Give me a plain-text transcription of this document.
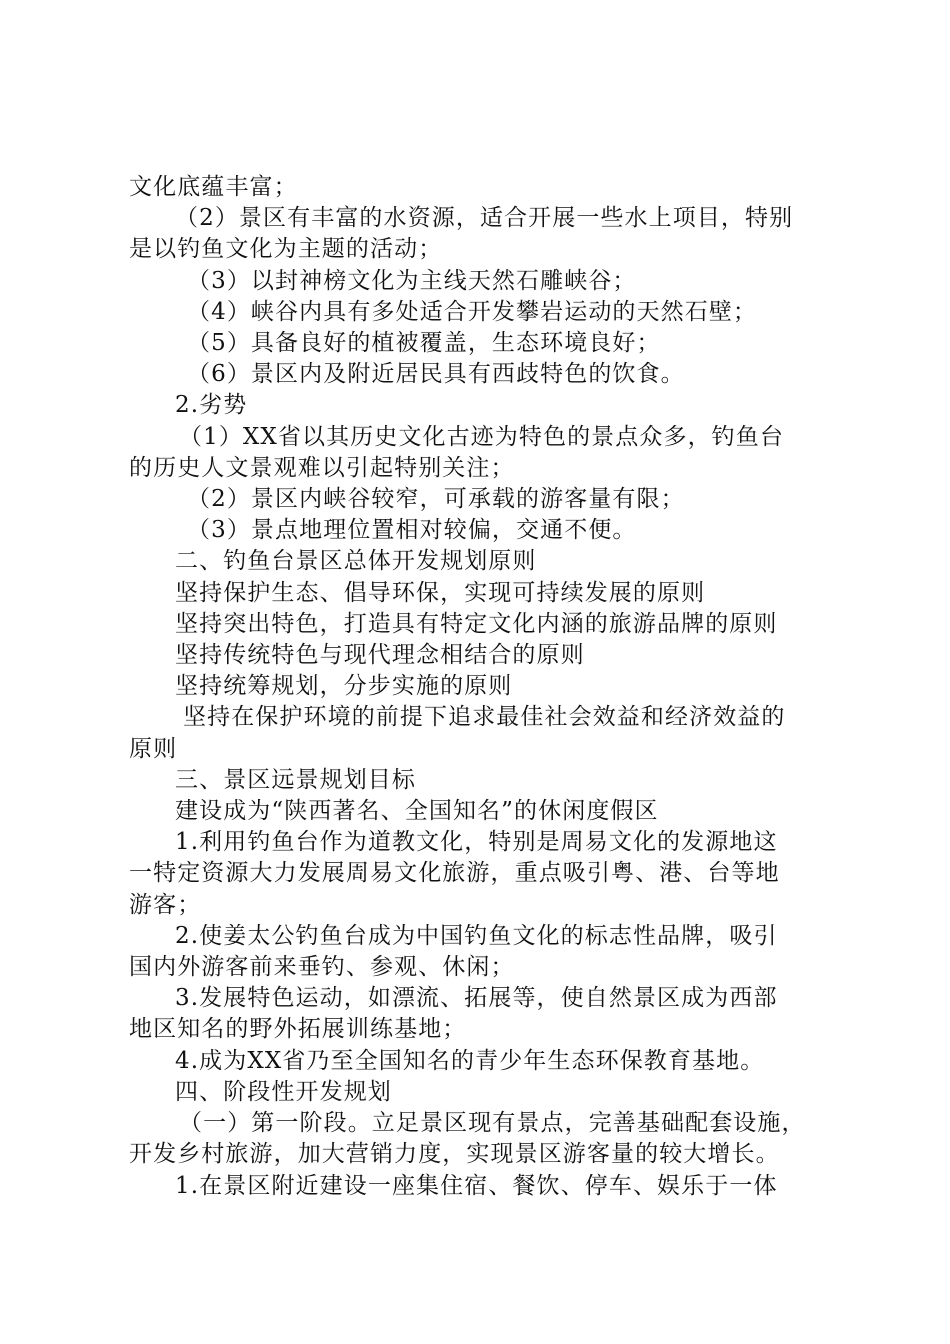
文化底蕴丰富；

（2）景区有丰富的水资源，适合开展一些水上项目，特别

是以钓鱼文化为主题的活动；

（3）以封神榜文化为主线天然石雕峡谷；

（4）峡谷内具有多处适合开发攀岩运动的天然石壁；

（5）具备良好的植被覆盖，生态环境良好；

（6）景区内及附近居民具有西歧特色的饮食。

2.劣势

（1）XX省以其历史文化古迹为特色的景点众多，钓鱼台

的历史人文景观难以引起特别关注；

（2）景区内峡谷较窄，可承载的游客量有限；

（3）景点地理位置相对较偏，交通不便。

二、钓鱼台景区总体开发规划原则

坚持保护生态、倡导环保，实现可持续发展的原则

坚持突出特色，打造具有特定文化内涵的旅游品牌的原则

坚持传统特色与现代理念相结合的原则

坚持统筹规划，分步实施的原则

坚持在保护环境的前提下追求最佳社会效益和经济效益的

原则

三、景区远景规划目标

建设成为“陕西著名、全国知名”的休闲度假区

1.利用钓鱼台作为道教文化，特别是周易文化的发源地这

一特定资源大力发展周易文化旅游，重点吸引粤、港、台等地

游客；

2.使姜太公钓鱼台成为中国钓鱼文化的标志性品牌，吸引

国内外游客前来垂钓、参观、休闲；

3.发展特色运动，如漂流、拓展等，使自然景区成为西部

地区知名的野外拓展训练基地；

4.成为XX省乃至全国知名的青少年生态环保教育基地。

四、阶段性开发规划

（一）第一阶段。立足景区现有景点，完善基础配套设施，

开发乡村旅游，加大营销力度，实现景区游客量的较大增长。

1.在景区附近建设一座集住宿、餐饮、停车、娱乐于一体
